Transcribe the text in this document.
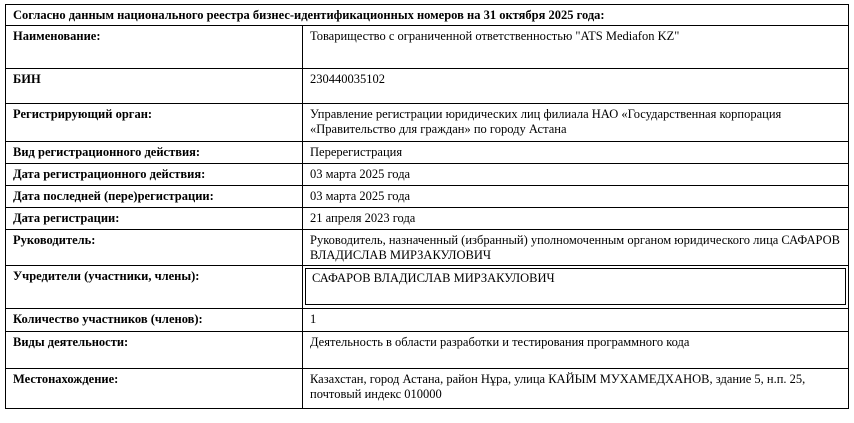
Согласно данным национального реестра бизнес-идентификационных номеров на 31 октября 2025 года:	
Наименование:	Товарищество с ограниченной ответственностью "ATS Mediafon KZ"
БИН	230440035102
Регистрирующий орган:	Управление регистрации юридических лиц филиала НАО «Государственная корпорация «Правительство для граждан» по городу Астана
Вид регистрационного действия:	Перерегистрация
Дата регистрационного действия:	03 марта 2025 года
Дата последней (пере)регистрации:	03 марта 2025 года
Дата регистрации:	21 апреля 2023 года
Руководитель:	Руководитель, назначенный (избранный) уполномоченным органом юридического лица САФАРОВ ВЛАДИСЛАВ МИРЗАКУЛОВИЧ
Учредители (участники, члены):	САФАРОВ ВЛАДИСЛАВ МИРЗАКУЛОВИЧ

Количество участников (членов):	1
Виды деятельности:	Деятельность в области разработки и тестирования программного кода
Местонахождение:	Казахстан, город Астана, район Нұра, улица КАЙЫМ МУХАМЕДХАНОВ, здание 5, н.п. 25, почтовый индекс 010000
